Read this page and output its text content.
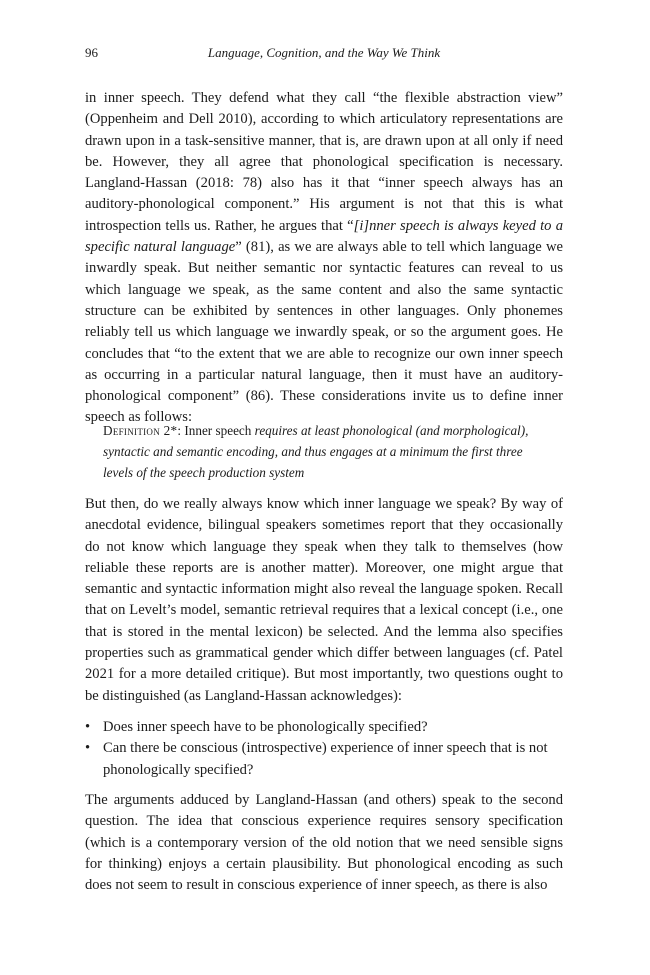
96	Language, Cognition, and the Way We Think

in inner speech. They defend what they call “the flexible abstraction view” (Oppenheim and Dell 2010), according to which articulatory representations are drawn upon in a task-sensitive manner, that is, are drawn upon at all only if need be. However, they all agree that phonological specification is necessary. Langland-Hassan (2018: 78) also has it that “inner speech always has an auditory-phonological component.” His argument is not that this is what introspection tells us. Rather, he argues that “[i]nner speech is always keyed to a specific natural language” (81), as we are always able to tell which language we inwardly speak. But neither semantic nor syntactic features can reveal to us which language we speak, as the same content and also the same syntactic structure can be exhibited by sentences in other languages. Only phonemes reliably tell us which language we inwardly speak, or so the argument goes. He concludes that “to the extent that we are able to recognize our own inner speech as occurring in a particular natural language, then it must have an auditory-phonological component” (86). These considerations invite us to define inner speech as follows:

Definition 2*: Inner speech requires at least phonological (and morphological), syntactic and semantic encoding, and thus engages at a minimum the first three levels of the speech production system

But then, do we really always know which inner language we speak? By way of anecdotal evidence, bilingual speakers sometimes report that they occasionally do not know which language they speak when they talk to themselves (how reliable these reports are is another matter). Moreover, one might argue that semantic and syntactic information might also reveal the language spoken. Recall that on Levelt’s model, semantic retrieval requires that a lexical concept (i.e., one that is stored in the mental lexicon) be selected. And the lemma also specifies properties such as grammatical gender which differ between languages (cf. Patel 2021 for a more detailed critique). But most importantly, two questions ought to be distinguished (as Langland-Hassan acknowledges):

• Does inner speech have to be phonologically specified?
• Can there be conscious (introspective) experience of inner speech that is not phonologically specified?

The arguments adduced by Langland-Hassan (and others) speak to the second question. The idea that conscious experience requires sensory specification (which is a contemporary version of the old notion that we need sensible signs for thinking) enjoys a certain plausibility. But phonological encoding as such does not seem to result in conscious experience of inner speech, as there is also
